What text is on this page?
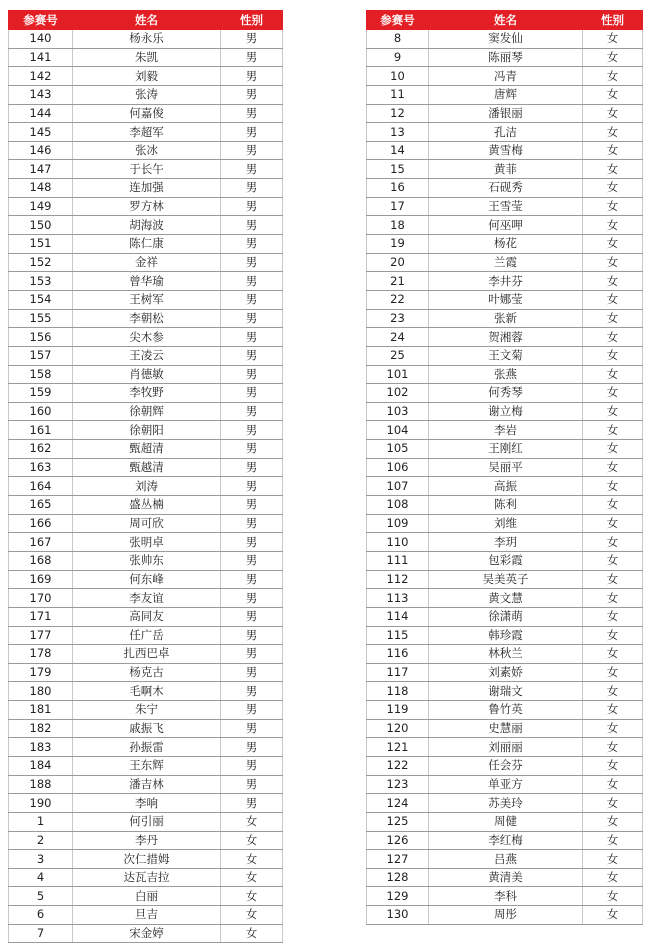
参赛号	姓名	性别
140	杨永乐	男
141	朱凯	男
142	刘毅	男
143	张涛	男
144	何嘉俊	男
145	李超军	男
146	张冰	男
147	于长午	男
148	连加强	男
149	罗方林	男
150	胡海波	男
151	陈仁康	男
152	金祥	男
153	曾华瑜	男
154	王树军	男
155	李朝松	男
156	尖木参	男
157	王凌云	男
158	肖德敏	男
159	李牧野	男
160	徐朝辉	男
161	徐朝阳	男
162	甄超清	男
163	甄越清	男
164	刘涛	男
165	盛丛楠	男
166	周可欣	男
167	张明卓	男
168	张帅东	男
169	何东峰	男
170	李友谊	男
171	高同友	男
177	任广岳	男
178	扎西巴卓	男
179	杨克古	男
180	毛啊木	男
181	朱宁	男
182	戚振飞	男
183	孙振雷	男
184	王东辉	男
188	潘吉林	男
190	李响	男
1	何引丽	女
2	李丹	女
3	次仁措姆	女
4	达瓦吉拉	女
5	白丽	女
6	旦吉	女
7	宋金婷	女
参赛号	姓名	性别
8	窦发仙	女
9	陈丽琴	女
10	冯青	女
11	唐辉	女
12	潘银丽	女
13	孔洁	女
14	黄雪梅	女
15	黄菲	女
16	石砚秀	女
17	王雪莹	女
18	何巫呷	女
19	杨花	女
20	兰霞	女
21	李井芬	女
22	叶娜莹	女
23	张新	女
24	贺湘蓉	女
25	王文菊	女
101	张燕	女
102	何秀琴	女
103	谢立梅	女
104	李岩	女
105	王刚红	女
106	吴丽平	女
107	高振	女
108	陈利	女
109	刘维	女
110	李玥	女
111	包彩霞	女
112	吴美英子	女
113	黄文慧	女
114	徐潇萌	女
115	韩珍霞	女
116	林秋兰	女
117	刘素娇	女
118	谢瑞文	女
119	鲁竹英	女
120	史慧丽	女
121	刘丽丽	女
122	任会芬	女
123	单亚方	女
124	苏美玲	女
125	周健	女
126	李红梅	女
127	吕燕	女
128	黄清美	女
129	李科	女
130	周彤	女
